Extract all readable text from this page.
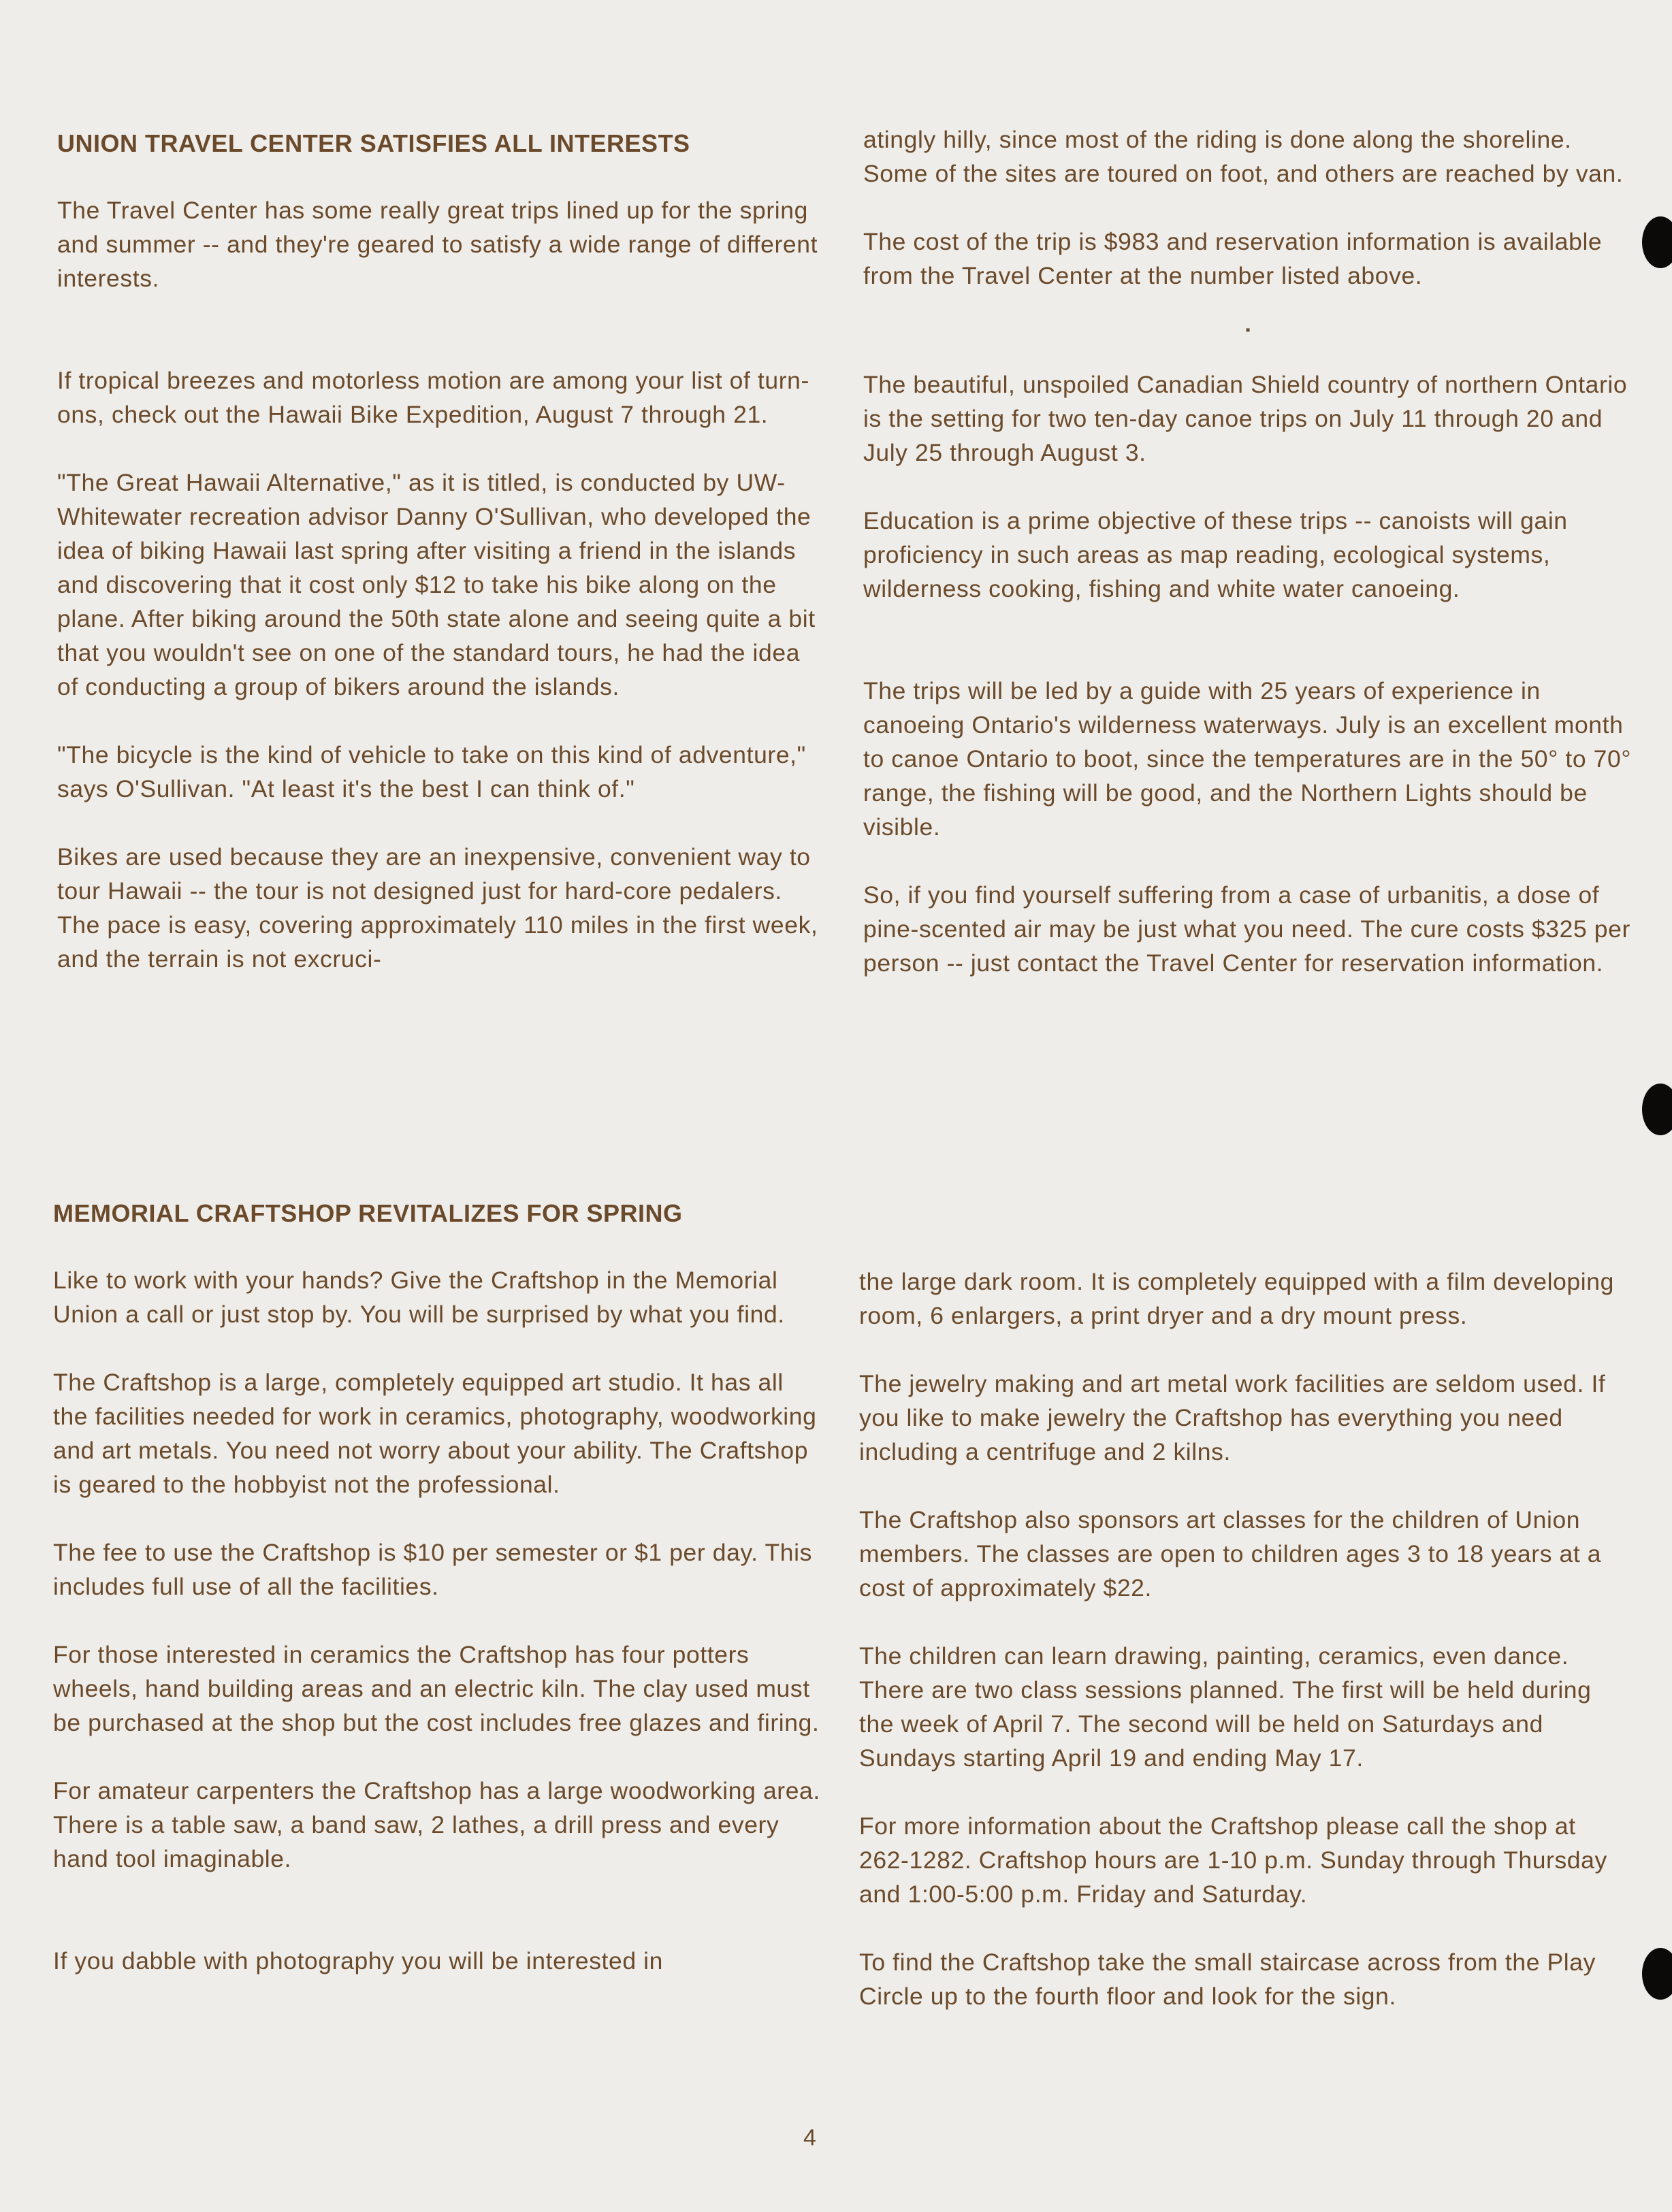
UNION TRAVEL CENTER SATISFIES ALL INTERESTS

The Travel Center has some really great trips lined up for the spring and summer -- and they're geared to satisfy a wide range of different interests.

If tropical breezes and motorless motion are among your list of turn-ons, check out the Hawaii Bike Expedition, August 7 through 21.

"The Great Hawaii Alternative," as it is titled, is conducted by UW-Whitewater recreation advisor Danny O'Sullivan, who developed the idea of biking Hawaii last spring after visiting a friend in the islands and discovering that it cost only $12 to take his bike along on the plane. After biking around the 50th state alone and seeing quite a bit that you wouldn't see on one of the standard tours, he had the idea of conducting a group of bikers around the islands.

"The bicycle is the kind of vehicle to take on this kind of adventure," says O'Sullivan. "At least it's the best I can think of."

Bikes are used because they are an inexpensive, convenient way to tour Hawaii -- the tour is not designed just for hard-core pedalers. The pace is easy, covering approximately 110 miles in the first week, and the terrain is not excruci-

atingly hilly, since most of the riding is done along the shoreline. Some of the sites are toured on foot, and others are reached by van.

The cost of the trip is $983 and reservation information is available from the Travel Center at the number listed above.

▪

The beautiful, unspoiled Canadian Shield country of northern Ontario is the setting for two ten-day canoe trips on July 11 through 20 and July 25 through August 3.

Education is a prime objective of these trips -- canoists will gain proficiency in such areas as map reading, ecological systems, wilderness cooking, fishing and white water canoeing.

The trips will be led by a guide with 25 years of experience in canoeing Ontario's wilderness waterways. July is an excellent month to canoe Ontario to boot, since the temperatures are in the 50° to 70° range, the fishing will be good, and the Northern Lights should be visible.

So, if you find yourself suffering from a case of urbanitis, a dose of pine-scented air may be just what you need. The cure costs $325 per person -- just contact the Travel Center for reservation information.

MEMORIAL CRAFTSHOP REVITALIZES FOR SPRING

Like to work with your hands? Give the Craftshop in the Memorial Union a call or just stop by. You will be surprised by what you find.

The Craftshop is a large, completely equipped art studio. It has all the facilities needed for work in ceramics, photography, woodworking and art metals. You need not worry about your ability. The Craftshop is geared to the hobbyist not the professional.

The fee to use the Craftshop is $10 per semester or $1 per day. This includes full use of all the facilities.

For those interested in ceramics the Craftshop has four potters wheels, hand building areas and an electric kiln. The clay used must be purchased at the shop but the cost includes free glazes and firing.

For amateur carpenters the Craftshop has a large woodworking area. There is a table saw, a band saw, 2 lathes, a drill press and every hand tool imaginable.

If you dabble with photography you will be interested in

the large dark room. It is completely equipped with a film developing room, 6 enlargers, a print dryer and a dry mount press.

The jewelry making and art metal work facilities are seldom used. If you like to make jewelry the Craftshop has everything you need including a centrifuge and 2 kilns.

The Craftshop also sponsors art classes for the children of Union members. The classes are open to children ages 3 to 18 years at a cost of approximately $22.

The children can learn drawing, painting, ceramics, even dance. There are two class sessions planned. The first will be held during the week of April 7. The second will be held on Saturdays and Sundays starting April 19 and ending May 17.

For more information about the Craftshop please call the shop at 262-1282. Craftshop hours are 1-10 p.m. Sunday through Thursday and 1:00-5:00 p.m. Friday and Saturday.

To find the Craftshop take the small staircase across from the Play Circle up to the fourth floor and look for the sign.

4
